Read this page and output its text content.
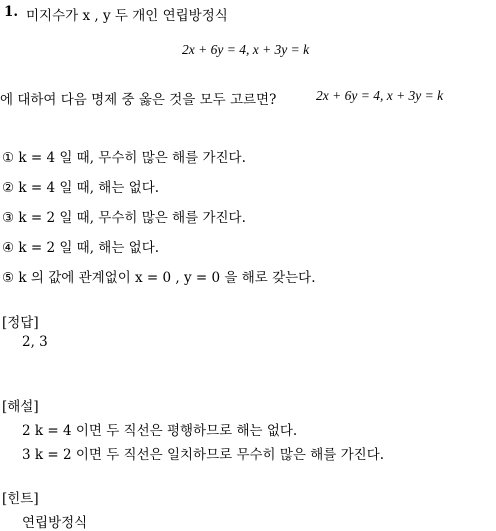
1. 미지수가 x , y 두 개인 연립방정식
2x + 6y = 4, x + 3y = k
에 대하여 다음 명제 중 옳은 것을 모두 고르면?	2x + 6y = 4, x + 3y = k
① k = 4 일 때, 무수히 많은 해를 가진다.
② k = 4 일 때, 해는 없다.
③ k = 2 일 때, 무수히 많은 해를 가진다.
④ k = 2 일 때, 해는 없다.
⑤ k 의 값에 관계없이 x = 0 , y = 0 을 해로 갖는다.
[정답]
2, 3
[해설]
2 k = 4 이면 두 직선은 평행하므로 해는 없다.
3 k = 2 이면 두 직선은 일치하므로 무수히 많은 해를 가진다.
[힌트]
연립방정식
